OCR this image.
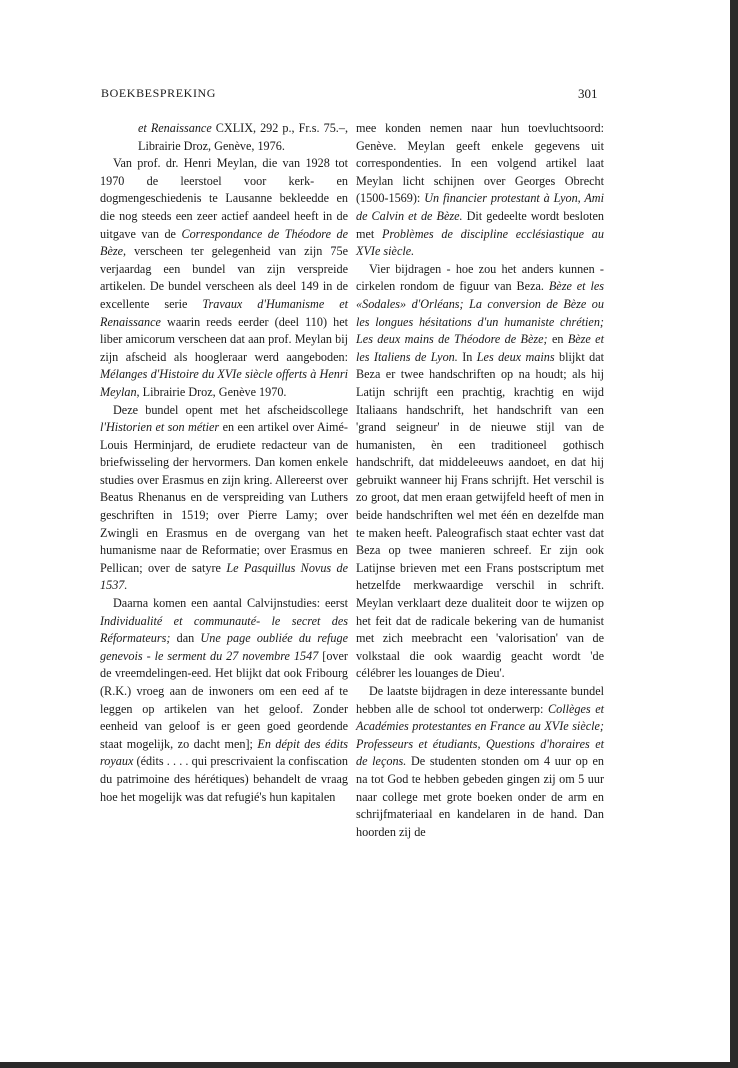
BOEKBESPREKING	301

et Renaissance CXLIX, 292 p., Fr.s. 75.–, Librairie Droz, Genève, 1976.

Van prof. dr. Henri Meylan, die van 1928 tot 1970 de leerstoel voor kerk- en dogmengeschiedenis te Lausanne bekleedde en die nog steeds een zeer actief aandeel heeft in de uitgave van de Correspondance de Théodore de Bèze, verscheen ter gelegenheid van zijn 75e verjaardag een bundel van zijn verspreide artikelen. De bundel verscheen als deel 149 in de excellente serie Travaux d'Humanisme et Renaissance waarin reeds eerder (deel 110) het liber amicorum verscheen dat aan prof. Meylan bij zijn afscheid als hoogleraar werd aangeboden: Mélanges d'Histoire du XVIe siècle offerts à Henri Meylan, Librairie Droz, Genève 1970.

Deze bundel opent met het afscheidscollege l'Historien et son métier en een artikel over Aimé-Louis Herminjard, de erudiete redacteur van de briefwisseling der hervormers. Dan komen enkele studies over Erasmus en zijn kring. Allereerst over Beatus Rhenanus en de verspreiding van Luthers geschriften in 1519; over Pierre Lamy; over Zwingli en Erasmus en de overgang van het humanisme naar de Reformatie; over Erasmus en Pellican; over de satyre Le Pasquillus Novus de 1537.

Daarna komen een aantal Calvijnstudies: eerst Individualité et communauté- le secret des Réformateurs; dan Une page oubliée du refuge genevois - le serment du 27 novembre 1547 [over de vreemdelingen-eed. Het blijkt dat ook Fribourg (R.K.) vroeg aan de inwoners om een eed af te leggen op artikelen van het geloof. Zonder eenheid van geloof is er geen goed geordende staat mogelijk, zo dacht men]; En dépit des édits royaux (édits . . . . qui prescrivaient la confiscation du patrimoine des hérétiques) behandelt de vraag hoe het mogelijk was dat refugié's hun kapitalen

mee konden nemen naar hun toevluchtsoord: Genève. Meylan geeft enkele gegevens uit correspondenties. In een volgend artikel laat Meylan licht schijnen over Georges Obrecht (1500-1569): Un financier protestant à Lyon, Ami de Calvin et de Bèze. Dit gedeelte wordt besloten met Problèmes de discipline ecclésiastique au XVIe siècle.

Vier bijdragen - hoe zou het anders kunnen - cirkelen rondom de figuur van Beza. Bèze et les «Sodales» d'Orléans; La conversion de Bèze ou les longues hésitations d'un humaniste chrétien; Les deux mains de Théodore de Bèze; en Bèze et les Italiens de Lyon. In Les deux mains blijkt dat Beza er twee handschriften op na houdt; als hij Latijn schrijft een prachtig, krachtig en wijd Italiaans handschrift, het handschrift van een 'grand seigneur' in de nieuwe stijl van de humanisten, èn een traditioneel gothisch handschrift, dat middeleeuws aandoet, en dat hij gebruikt wanneer hij Frans schrijft. Het verschil is zo groot, dat men eraan getwijfeld heeft of men in beide handschriften wel met één en dezelfde man te maken heeft. Paleografisch staat echter vast dat Beza op twee manieren schreef. Er zijn ook Latijnse brieven met een Frans postscriptum met hetzelfde merkwaardige verschil in schrift. Meylan verklaart deze dualiteit door te wijzen op het feit dat de radicale bekering van de humanist met zich meebracht een 'valorisation' van de volkstaal die ook waardig geacht wordt 'de célébrer les louanges de Dieu'.

De laatste bijdragen in deze interessante bundel hebben alle de school tot onderwerp: Collèges et Académies protestantes en France au XVIe siècle; Professeurs et étudiants, Questions d'horaires et de leçons. De studenten stonden om 4 uur op en na tot God te hebben gebeden gingen zij om 5 uur naar college met grote boeken onder de arm en schrijfmateriaal en kandelaren in de hand. Dan hoorden zij de
